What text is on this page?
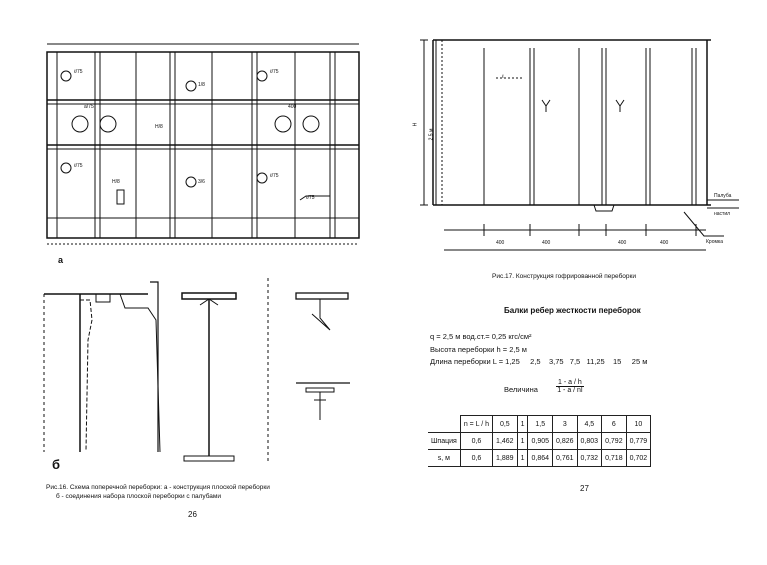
а
б
ℓ/75
1/8
ℓ/75
ℓ/75
ℓ/75
3/6
Н/8
ℓ/75
а/75	400
Н/8
Рис.16. Схема поперечной переборки: а - конструкция плоской переборки
б - соединения набора плоской переборки с палубами
26
Н
2,5 м
ℓ
400	400	400	400
Палуба
настил
Кромка
Рис.17. Конструкция гофрированной переборки
Балки ребер жесткости переборок
q = 2,5 м вод.ст.= 0,25 кгс/см²
Высота переборки h = 2,5 м
Длина переборки L = 1,25     2,5    3,75   7,5   11,25    15     25 м
Величина	$\frac{1 - a / h}{1 - a / nl}$
	n = L / h	0,5	1	1,5	3	4,5	6	10
Шпация	0,6	1,462	1	0,905	0,826	0,803	0,792	0,779
s, м	0,6	1,889	1	0,864	0,761	0,732	0,718	0,702
27
